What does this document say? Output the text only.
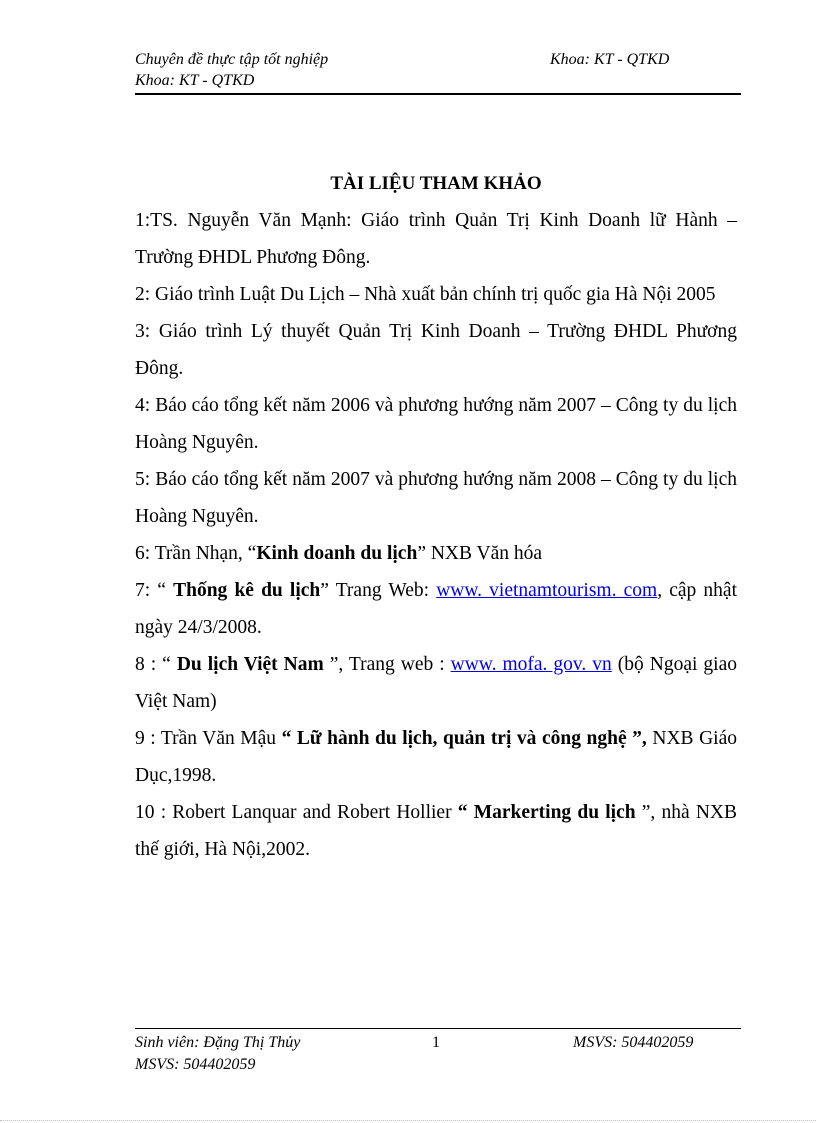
Chuyên đề thực tập tốt nghiệp	Khoa: KT - QTKD
Khoa: KT - QTKD
TÀI LIỆU THAM KHẢO

1:TS. Nguyễn Văn Mạnh: Giáo trình Quản Trị Kinh Doanh lữ Hành – Trường ĐHDL Phương Đông.

2: Giáo trình Luật Du Lịch – Nhà xuất bản chính trị quốc gia Hà Nội 2005

3: Giáo trình Lý thuyết Quản Trị Kinh Doanh – Trường ĐHDL Phương Đông.

4: Báo cáo tổng kết năm 2006 và phương hướng năm 2007 – Công ty du lịch Hoàng Nguyên.

5: Báo cáo tổng kết năm 2007 và phương hướng năm 2008 – Công ty du lịch Hoàng Nguyên.

6: Trần Nhạn, “Kinh doanh du lịch” NXB Văn hóa

7: “ Thống kê du lịch” Trang Web: www. vietnamtourism. com, cập nhật ngày 24/3/2008.

8 : “ Du lịch Việt Nam ”, Trang web : www. mofa. gov. vn (bộ Ngoại giao Việt Nam)

9 : Trần Văn Mậu “ Lữ hành du lịch, quản trị và công nghệ ”, NXB Giáo Dục,1998.

10 : Robert Lanquar and Robert Hollier “ Markerting du lịch ”, nhà NXB thế giới, Hà Nội,2002.

Sinh viên: Đặng Thị Thủy	1	MSVS: 504402059
MSVS: 504402059
